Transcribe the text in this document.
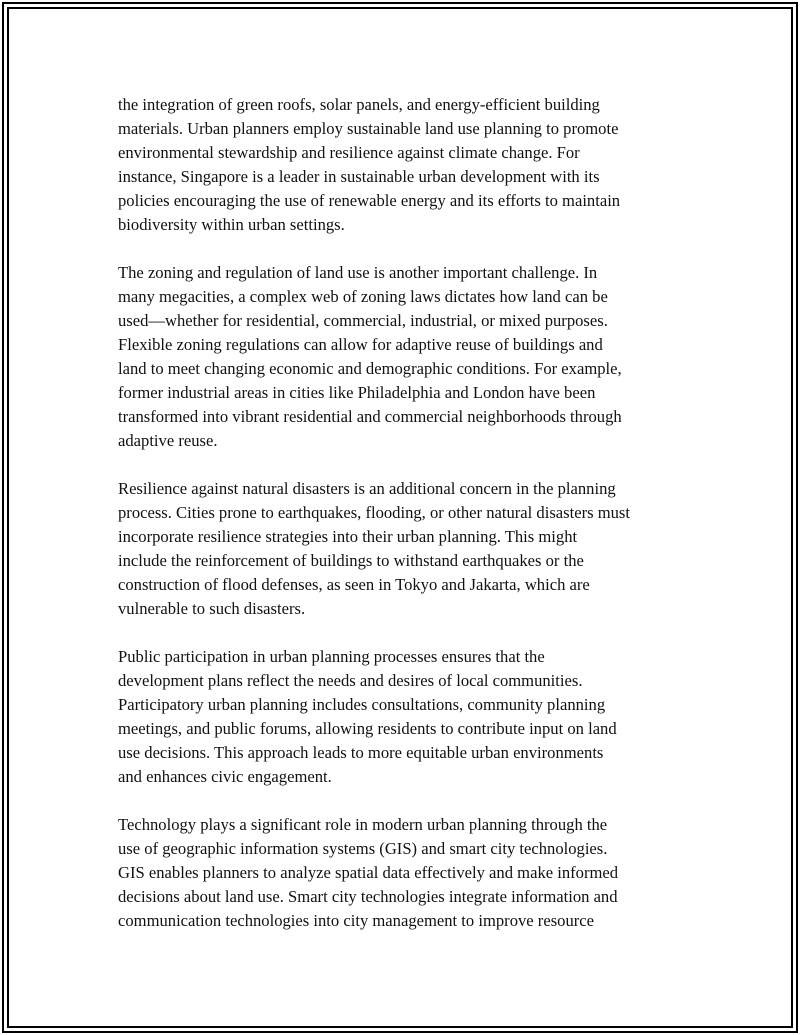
the integration of green roofs, solar panels, and energy-efficient building
materials. Urban planners employ sustainable land use planning to promote
environmental stewardship and resilience against climate change. For
instance, Singapore is a leader in sustainable urban development with its
policies encouraging the use of renewable energy and its efforts to maintain
biodiversity within urban settings.

The zoning and regulation of land use is another important challenge. In
many megacities, a complex web of zoning laws dictates how land can be
used—whether for residential, commercial, industrial, or mixed purposes.
Flexible zoning regulations can allow for adaptive reuse of buildings and
land to meet changing economic and demographic conditions. For example,
former industrial areas in cities like Philadelphia and London have been
transformed into vibrant residential and commercial neighborhoods through
adaptive reuse.

Resilience against natural disasters is an additional concern in the planning
process. Cities prone to earthquakes, flooding, or other natural disasters must
incorporate resilience strategies into their urban planning. This might
include the reinforcement of buildings to withstand earthquakes or the
construction of flood defenses, as seen in Tokyo and Jakarta, which are
vulnerable to such disasters.

Public participation in urban planning processes ensures that the
development plans reflect the needs and desires of local communities.
Participatory urban planning includes consultations, community planning
meetings, and public forums, allowing residents to contribute input on land
use decisions. This approach leads to more equitable urban environments
and enhances civic engagement.

Technology plays a significant role in modern urban planning through the
use of geographic information systems (GIS) and smart city technologies.
GIS enables planners to analyze spatial data effectively and make informed
decisions about land use. Smart city technologies integrate information and
communication technologies into city management to improve resource
